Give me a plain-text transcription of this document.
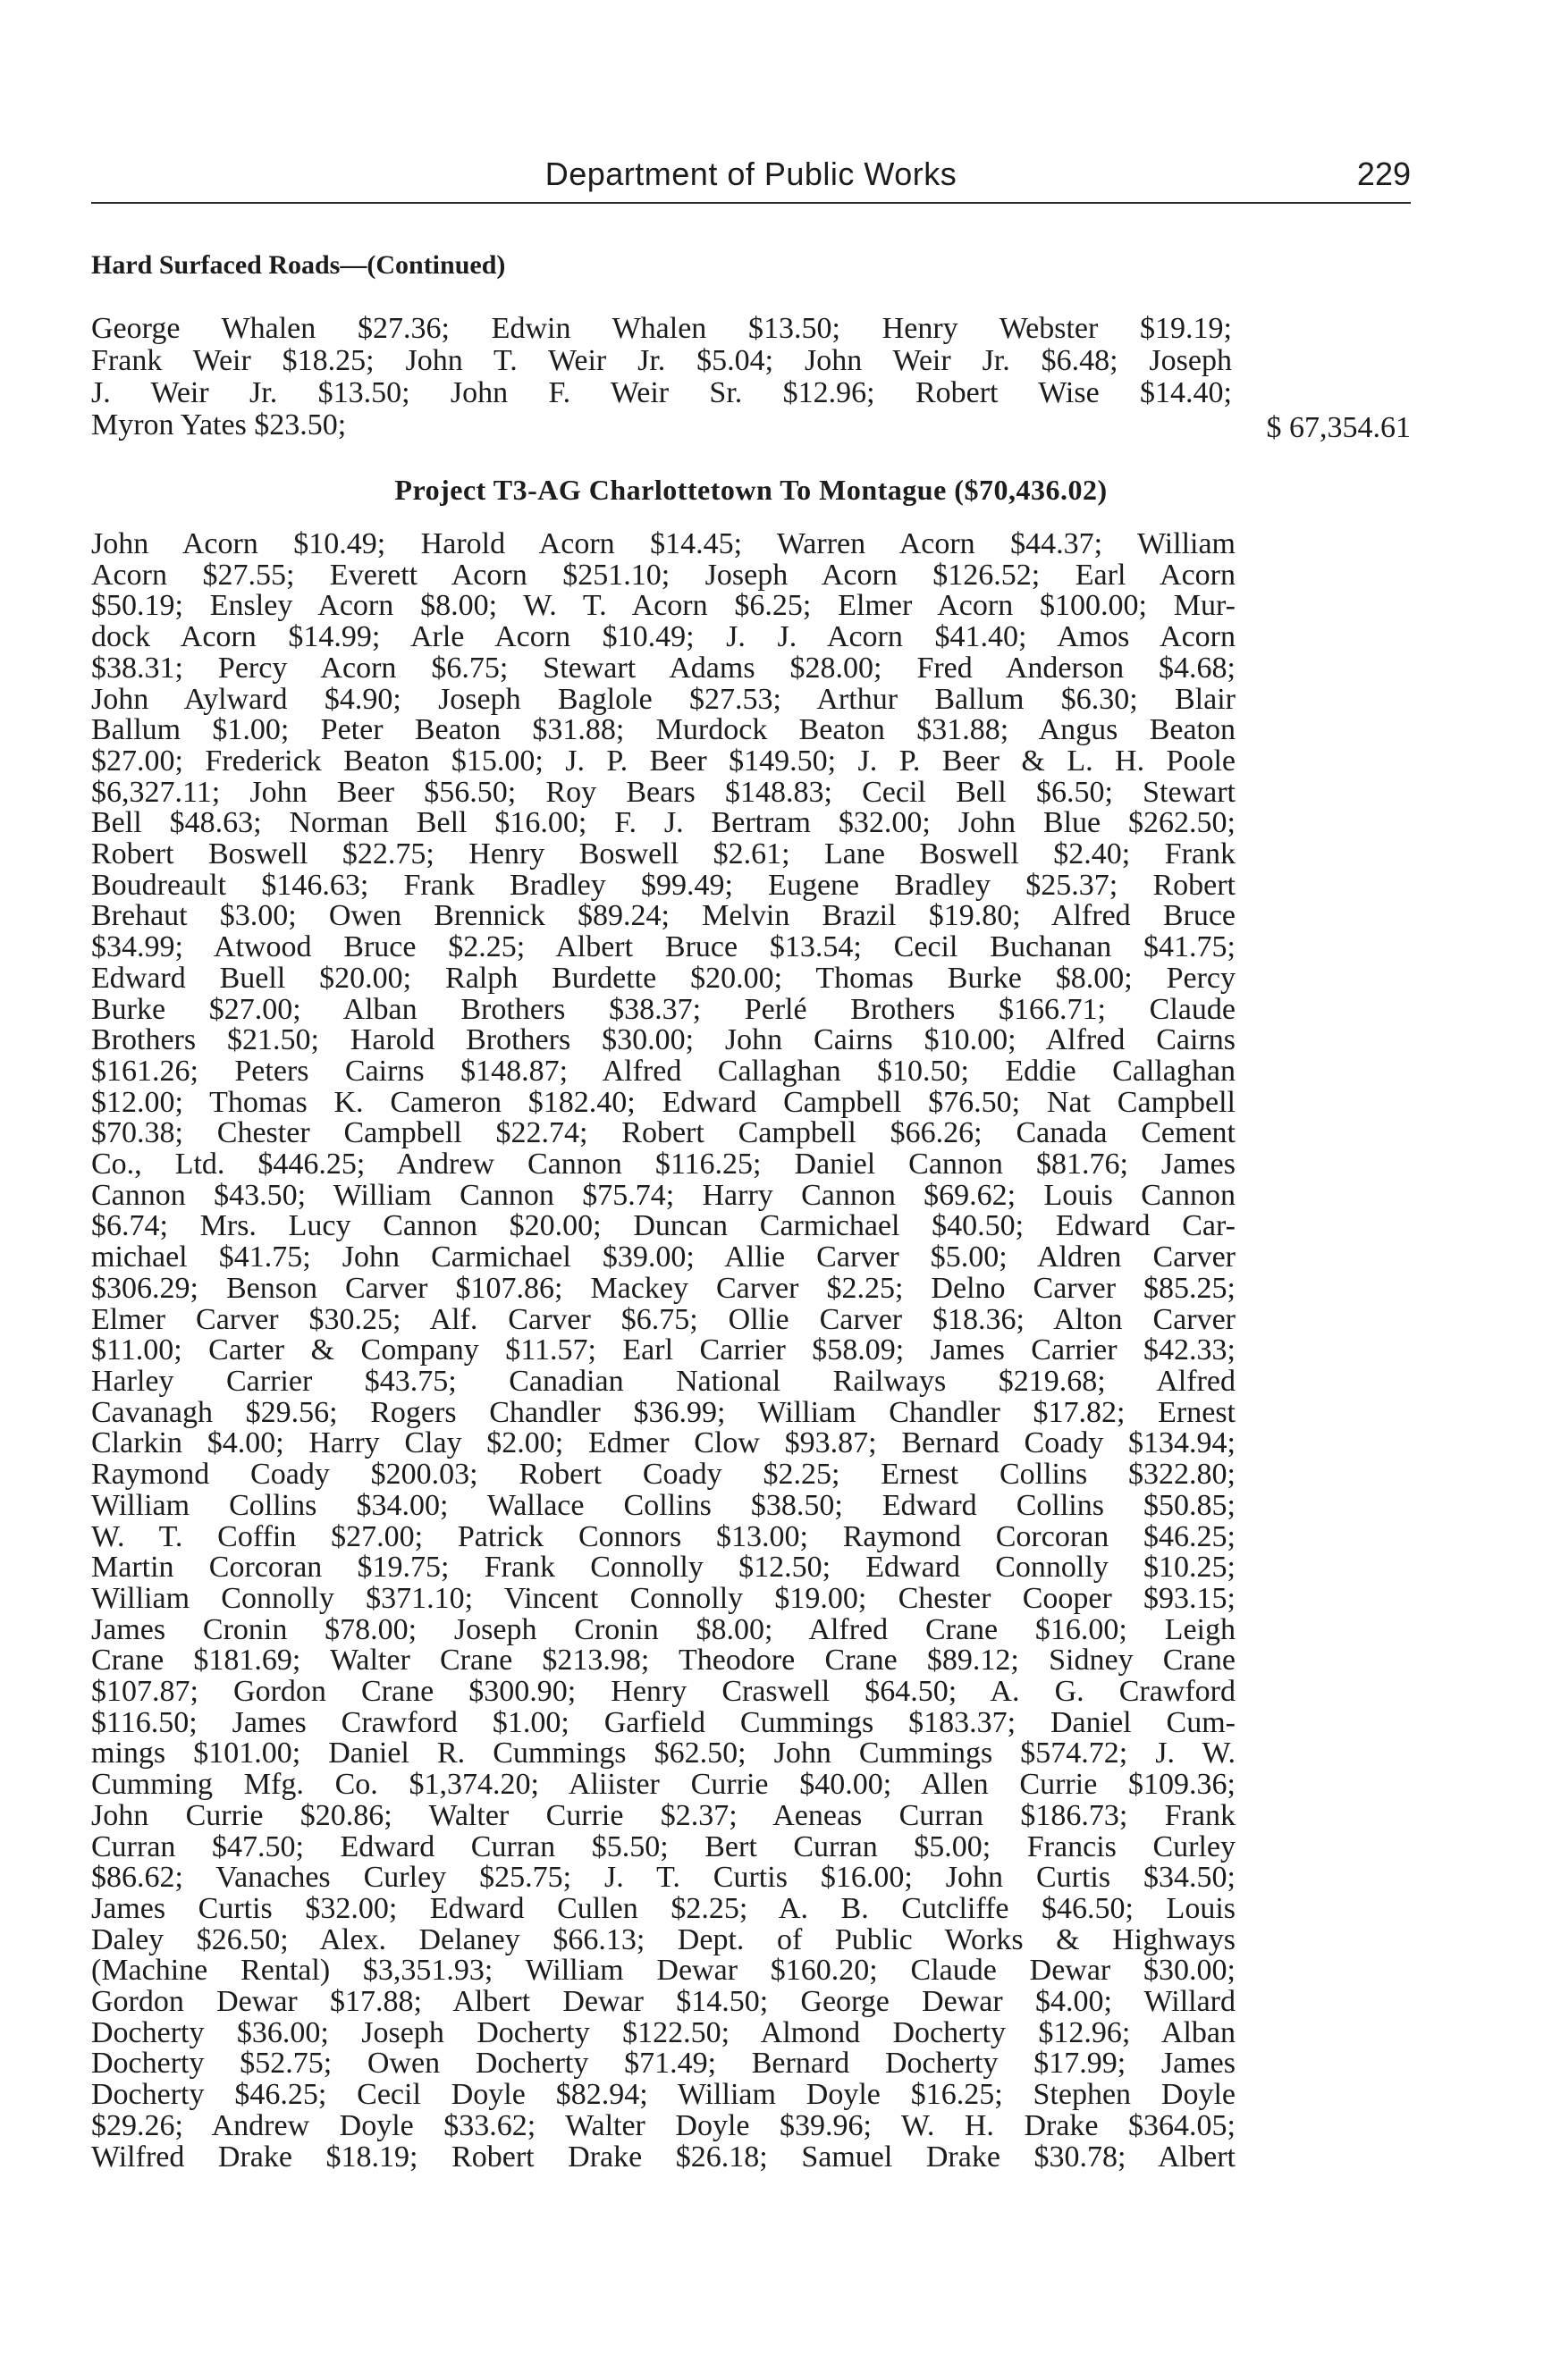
Department of Public Works	229
Hard Surfaced Roads—(Continued)

George Whalen $27.36; Edwin Whalen $13.50; Henry Webster $19.19;

Frank Weir $18.25; John T. Weir Jr. $5.04; John Weir Jr. $6.48; Joseph

J. Weir Jr. $13.50; John F. Weir Sr. $12.96; Robert Wise $14.40;

Myron Yates $23.50;	$ 67,354.61
Project T3-AG Charlottetown To Montague ($70,436.02)

John Acorn $10.49; Harold Acorn $14.45; Warren Acorn $44.37; William

Acorn $27.55; Everett Acorn $251.10; Joseph Acorn $126.52; Earl Acorn

$50.19; Ensley Acorn $8.00; W. T. Acorn $6.25; Elmer Acorn $100.00; Mur-

dock Acorn $14.99; Arle Acorn $10.49; J. J. Acorn $41.40; Amos Acorn

$38.31; Percy Acorn $6.75; Stewart Adams $28.00; Fred Anderson $4.68;

John Aylward $4.90; Joseph Baglole $27.53; Arthur Ballum $6.30; Blair

Ballum $1.00; Peter Beaton $31.88; Murdock Beaton $31.88; Angus Beaton

$27.00; Frederick Beaton $15.00; J. P. Beer $149.50; J. P. Beer & L. H. Poole

$6,327.11; John Beer $56.50; Roy Bears $148.83; Cecil Bell $6.50; Stewart

Bell $48.63; Norman Bell $16.00; F. J. Bertram $32.00; John Blue $262.50;

Robert Boswell $22.75; Henry Boswell $2.61; Lane Boswell $2.40; Frank

Boudreault $146.63; Frank Bradley $99.49; Eugene Bradley $25.37; Robert

Brehaut $3.00; Owen Brennick $89.24; Melvin Brazil $19.80; Alfred Bruce

$34.99; Atwood Bruce $2.25; Albert Bruce $13.54; Cecil Buchanan $41.75;

Edward Buell $20.00; Ralph Burdette $20.00; Thomas Burke $8.00; Percy

Burke $27.00; Alban Brothers $38.37; Perlé Brothers $166.71; Claude

Brothers $21.50; Harold Brothers $30.00; John Cairns $10.00; Alfred Cairns

$161.26; Peters Cairns $148.87; Alfred Callaghan $10.50; Eddie Callaghan

$12.00; Thomas K. Cameron $182.40; Edward Campbell $76.50; Nat Campbell

$70.38; Chester Campbell $22.74; Robert Campbell $66.26; Canada Cement

Co., Ltd. $446.25; Andrew Cannon $116.25; Daniel Cannon $81.76; James

Cannon $43.50; William Cannon $75.74; Harry Cannon $69.62; Louis Cannon

$6.74; Mrs. Lucy Cannon $20.00; Duncan Carmichael $40.50; Edward Car-

michael $41.75; John Carmichael $39.00; Allie Carver $5.00; Aldren Carver

$306.29; Benson Carver $107.86; Mackey Carver $2.25; Delno Carver $85.25;

Elmer Carver $30.25; Alf. Carver $6.75; Ollie Carver $18.36; Alton Carver

$11.00; Carter & Company $11.57; Earl Carrier $58.09; James Carrier $42.33;

Harley Carrier $43.75; Canadian National Railways $219.68; Alfred

Cavanagh $29.56; Rogers Chandler $36.99; William Chandler $17.82; Ernest

Clarkin $4.00; Harry Clay $2.00; Edmer Clow $93.87; Bernard Coady $134.94;

Raymond Coady $200.03; Robert Coady $2.25; Ernest Collins $322.80;

William Collins $34.00; Wallace Collins $38.50; Edward Collins $50.85;

W. T. Coffin $27.00; Patrick Connors $13.00; Raymond Corcoran $46.25;

Martin Corcoran $19.75; Frank Connolly $12.50; Edward Connolly $10.25;

William Connolly $371.10; Vincent Connolly $19.00; Chester Cooper $93.15;

James Cronin $78.00; Joseph Cronin $8.00; Alfred Crane $16.00; Leigh

Crane $181.69; Walter Crane $213.98; Theodore Crane $89.12; Sidney Crane

$107.87; Gordon Crane $300.90; Henry Craswell $64.50; A. G. Crawford

$116.50; James Crawford $1.00; Garfield Cummings $183.37; Daniel Cum-

mings $101.00; Daniel R. Cummings $62.50; John Cummings $574.72; J. W.

Cumming Mfg. Co. $1,374.20; Aliister Currie $40.00; Allen Currie $109.36;

John Currie $20.86; Walter Currie $2.37; Aeneas Curran $186.73; Frank

Curran $47.50; Edward Curran $5.50; Bert Curran $5.00; Francis Curley

$86.62; Vanaches Curley $25.75; J. T. Curtis $16.00; John Curtis $34.50;

James Curtis $32.00; Edward Cullen $2.25; A. B. Cutcliffe $46.50; Louis

Daley $26.50; Alex. Delaney $66.13; Dept. of Public Works & Highways

(Machine Rental) $3,351.93; William Dewar $160.20; Claude Dewar $30.00;

Gordon Dewar $17.88; Albert Dewar $14.50; George Dewar $4.00; Willard

Docherty $36.00; Joseph Docherty $122.50; Almond Docherty $12.96; Alban

Docherty $52.75; Owen Docherty $71.49; Bernard Docherty $17.99; James

Docherty $46.25; Cecil Doyle $82.94; William Doyle $16.25; Stephen Doyle

$29.26; Andrew Doyle $33.62; Walter Doyle $39.96; W. H. Drake $364.05;

Wilfred Drake $18.19; Robert Drake $26.18; Samuel Drake $30.78; Albert
